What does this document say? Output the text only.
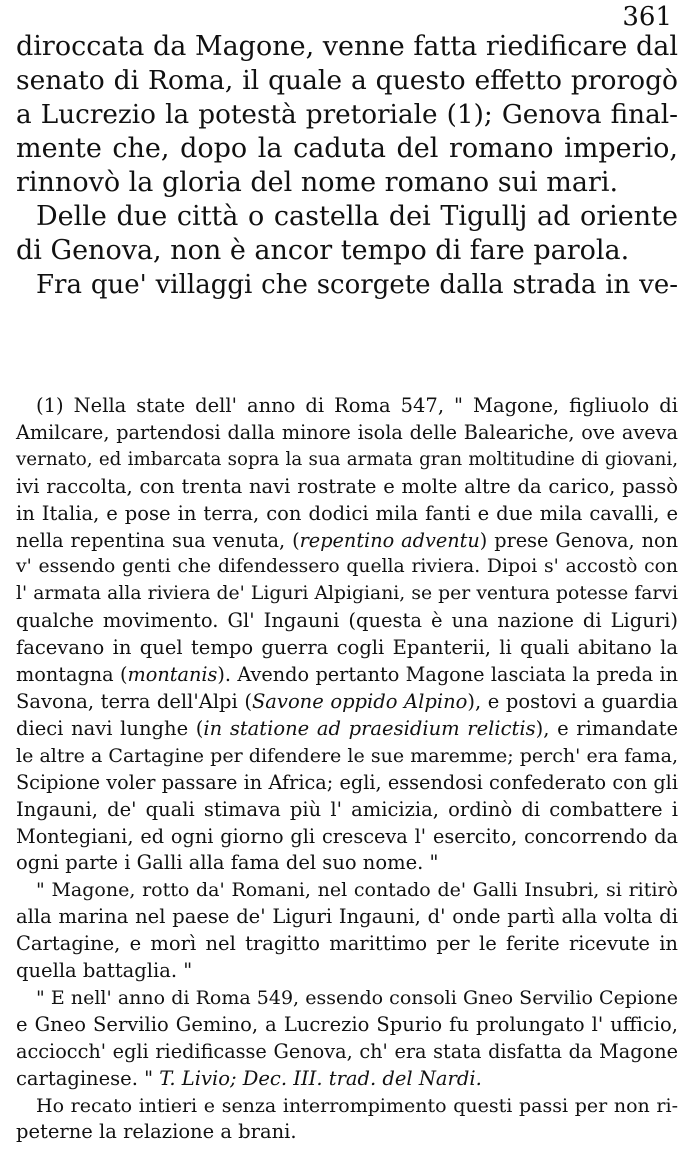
361

diroccata da Magone, venne fatta riedificare dal
senato di Roma, il quale a questo effetto prorogò
a Lucrezio la potestà pretoriale (1); Genova final-
mente che, dopo la caduta del romano imperio,
rinnovò la gloria del nome romano sui mari.

Delle due città o castella dei Tigullj ad oriente
di Genova, non è ancor tempo di fare parola.

Fra que' villaggi che scorgete dalla strada in ve-

(1) Nella state dell' anno di Roma 547, " Magone, figliuolo di
Amilcare, partendosi dalla minore isola delle Baleariche, ove aveva
vernato, ed imbarcata sopra la sua armata gran moltitudine di giovani,
ivi raccolta, con trenta navi rostrate e molte altre da carico, passò
in Italia, e pose in terra, con dodici mila fanti e due mila cavalli, e
nella repentina sua venuta, (repentino adventu) prese Genova, non
v' essendo genti che difendessero quella riviera. Dipoi s' accostò con
l' armata alla riviera de' Liguri Alpigiani, se per ventura potesse farvi
qualche movimento. Gl' Ingauni (questa è una nazione di Liguri)
facevano in quel tempo guerra cogli Epanterii, li quali abitano la
montagna (montanis). Avendo pertanto Magone lasciata la preda in
Savona, terra dell'Alpi (Savone oppido Alpino), e postovi a guardia
dieci navi lunghe (in statione ad praesidium relictis), e rimandate
le altre a Cartagine per difendere le sue maremme; perch' era fama,
Scipione voler passare in Africa; egli, essendosi confederato con gli
Ingauni, de' quali stimava più l' amicizia, ordinò di combattere i
Montegiani, ed ogni giorno gli cresceva l' esercito, concorrendo da
ogni parte i Galli alla fama del suo nome. "

" Magone, rotto da' Romani, nel contado de' Galli Insubri, si ritirò
alla marina nel paese de' Liguri Ingauni, d' onde partì alla volta di
Cartagine, e morì nel tragitto marittimo per le ferite ricevute in
quella battaglia. "

" E nell' anno di Roma 549, essendo consoli Gneo Servilio Cepione
e Gneo Servilio Gemino, a Lucrezio Spurio fu prolungato l' ufficio,
acciocch' egli riedificasse Genova, ch' era stata disfatta da Magone
cartaginese. " T. Livio; Dec. III. trad. del Nardi.

Ho recato intieri e senza interrompimento questi passi per non ri-
peterne la relazione a brani.
